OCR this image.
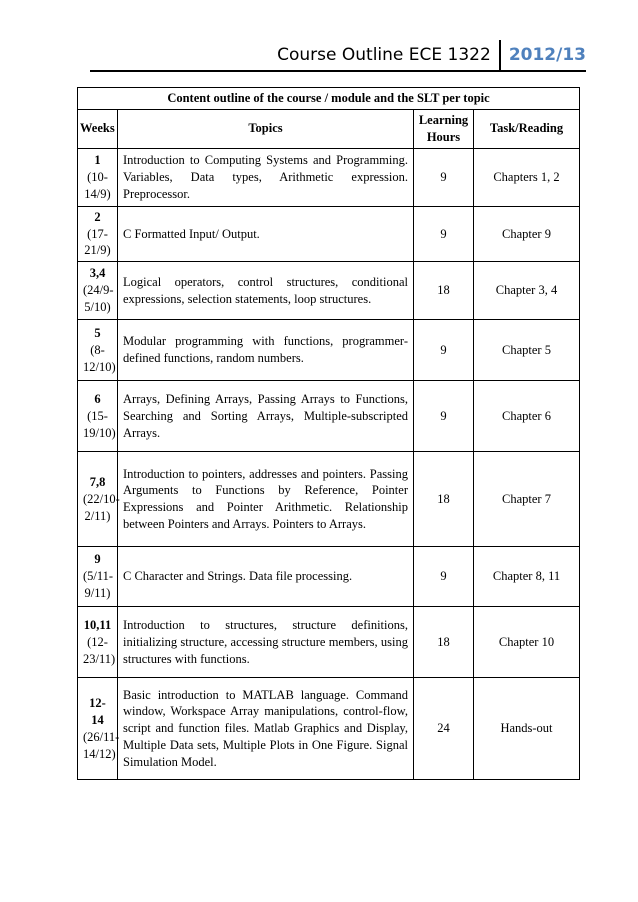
Course Outline ECE 1322	2012/13
Content outline of the course / module and the SLT per topic			
Weeks	Topics	Learning Hours	Task/Reading

1
(10-14/9)	Introduction to Computing Systems and Programming. Variables, Data types, Arithmetic expression. Preprocessor.	9	Chapters 1, 2

2
(17-21/9)	C Formatted Input/ Output.	9	Chapter 9

3,4
(24/9-5/10)	Logical operators, control structures, conditional expressions, selection statements, loop structures.	18	Chapter 3, 4

5
(8-12/10)	Modular programming with functions, programmer-defined functions, random numbers.	9	Chapter 5

6
(15-19/10)	Arrays, Defining Arrays, Passing Arrays to Functions, Searching and Sorting Arrays, Multiple-subscripted Arrays.	9	Chapter 6

7,8
(22/10-2/11)	Introduction to pointers, addresses and pointers. Passing Arguments to Functions by Reference, Pointer Expressions and Pointer Arithmetic. Relationship between Pointers and Arrays. Pointers to Arrays.	18	Chapter 7

9
(5/11-9/11)	C Character and Strings. Data file processing.	9	Chapter 8, 11

10,11
(12-23/11)	Introduction to structures, structure definitions, initializing structure, accessing structure members, using structures with functions.	18	Chapter 10

12-14
(26/11-14/12)	Basic introduction to MATLAB language. Command window, Workspace Array manipulations, control-flow, script and function files. Matlab Graphics and Display, Multiple Data sets, Multiple Plots in One Figure. Signal Simulation Model.	24	Hands-out
